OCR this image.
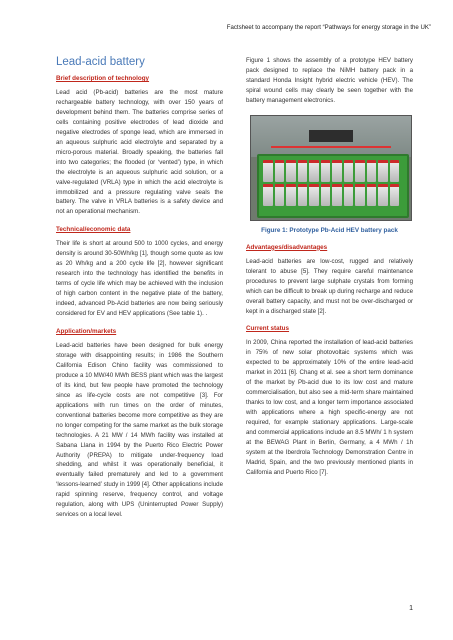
Factsheet to accompany the report “Pathways for energy storage in the UK”
Lead-acid battery
Brief description of technology

Lead acid (Pb-acid) batteries are the most mature rechargeable battery technology, with over 150 years of development behind them. The batteries comprise series of cells containing positive electrodes of lead dioxide and negative electrodes of sponge lead, which are immersed in an aqueous sulphuric acid electrolyte and separated by a micro-porous material. Broadly speaking, the batteries fall into two categories; the flooded (or ‘vented’) type, in which the electrolyte is an aqueous sulphuric acid solution, or a valve-regulated (VRLA) type in which the acid electrolyte is immobilized and a pressure regulating valve seals the battery. The valve in VRLA batteries is a safety device and not an operational mechanism.

Technical/economic data

Their life is short at around 500 to 1000 cycles, and energy density is around 30-50Wh/kg [1], though some quote as low as 20 Wh/kg and a 200 cycle life [2], however significant research into the technology has identified the benefits in terms of cycle life which may be achieved with the inclusion of high carbon content in the negative plate of the battery, indeed, advanced Pb-Acid batteries are now being seriously considered for EV and HEV applications (See table 1). .

Application/markets

Lead-acid batteries have been designed for bulk energy storage with disappointing results; in 1986 the Southern California Edison Chino facility was commissioned to produce a 10 MW/40 MWh BESS plant which was the largest of its kind, but few people have promoted the technology since as life-cycle costs are not competitive [3]. For applications with run times on the order of minutes, conventional batteries become more competitive as they are no longer competing for the same market as the bulk storage technologies. A 21 MW / 14 MWh facility was installed at Sabana Llana in 1994 by the Puerto Rico Electric Power Authority (PREPA) to mitigate under-frequency load shedding, and whilst it was operationally beneficial, it eventually failed prematurely and led to a government ‘lessons-learned’ study in 1999 [4]. Other applications include rapid spinning reserve, frequency control, and voltage regulation, along with UPS (Uninterrupted Power Supply) services on a local level.

Figure 1 shows the assembly of a prototype HEV battery pack designed to replace the NiMH battery pack in a standard Honda Insight hybrid electric vehicle (HEV). The spiral wound cells may clearly be seen together with the battery management electronics.

Figure 1: Prototype Pb-Acid HEV battery pack
Advantages/disadvantages

Lead-acid batteries are low-cost, rugged and relatively tolerant to abuse [5]. They require careful maintenance procedures to prevent large sulphate crystals from forming which can be difficult to break up during recharge and reduce overall battery capacity, and must not be over-discharged or kept in a discharged state [2].

Current status

In 2009, China reported the installation of lead-acid batteries in 75% of new solar photovoltaic systems which was expected to be approximately 10% of the entire lead-acid market in 2011 [6]. Chang et al. see a short term dominance of the market by Pb-acid due to its low cost and mature commercialisation, but also see a mid-term share maintained thanks to low cost, and a longer term importance associated with applications where a high specific-energy are not required, for example stationary applications. Large-scale and commercial applications include an 8.5 MWh/ 1 h system at the BEWAG Plant in Berlin, Germany, a 4 MWh / 1h system at the Iberdrola Technology Demonstration Centre in Madrid, Spain, and the two previously mentioned plants in California and Puerto Rico [7].

1
